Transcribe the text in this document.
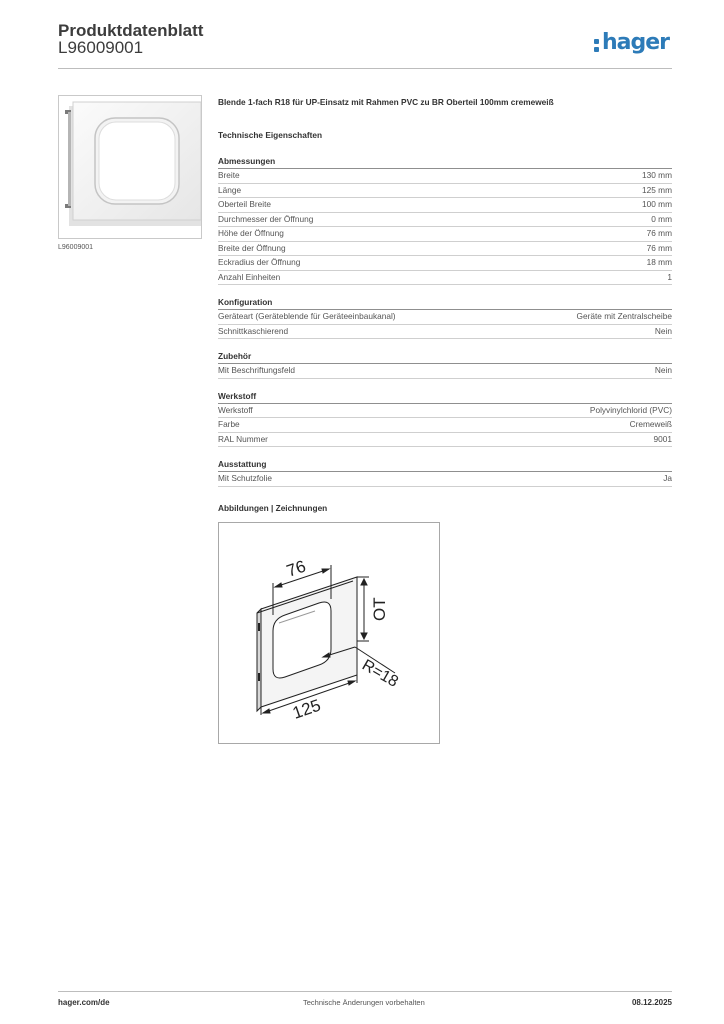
Produktdatenblatt
L96009001	hager
L96009001
Blende 1-fach R18 für UP-Einsatz mit Rahmen PVC zu BR Oberteil 100mm cremeweiß
Technische Eigenschaften
Abmessungen
Breite	130 mm
Länge	125 mm
Oberteil Breite	100 mm
Durchmesser der Öffnung	0 mm
Höhe der Öffnung	76 mm
Breite der Öffnung	76 mm
Eckradius der Öffnung	18 mm
Anzahl Einheiten	1
Konfiguration
Geräteart (Geräteblende für Geräteeinbaukanal)	Geräte mit Zentralscheibe
Schnittkaschierend	Nein
Zubehör
Mit Beschriftungsfeld	Nein
Werkstoff
Werkstoff	Polyvinylchlorid (PVC)
Farbe	Cremeweiß
RAL Nummer	9001
Ausstattung
Mit Schutzfolie	Ja
Abbildungen | Zeichnungen
76
OT
R=18
125
hager.com/de	Technische Änderungen vorbehalten	08.12.2025
